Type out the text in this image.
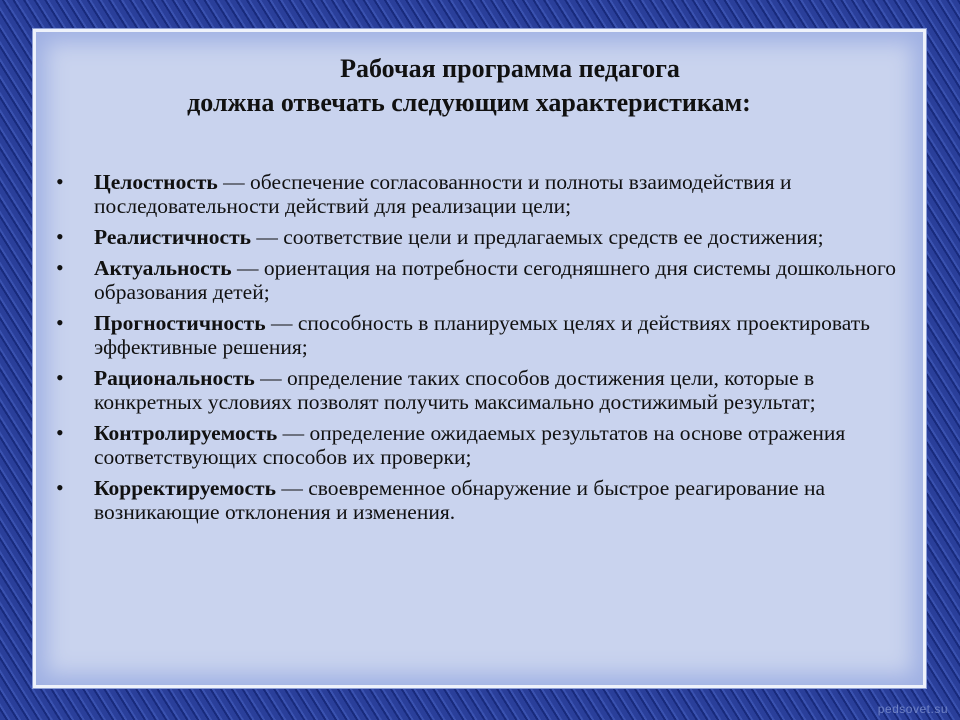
Рабочая программа педагога
должна отвечать следующим характеристикам:
• Целостность — обеспечение согласованности и полноты взаимодействия и последовательности действий для реализации цели;
• Реалистичность — соответствие цели и предлагаемых средств ее достижения;
• Актуальность — ориентация на потребности сегодняшнего дня системы дошкольного образования детей;
• Прогностичность — способность в планируемых целях и действиях проектировать эффективные решения;
• Рациональность — определение таких способов достижения цели, которые в конкретных условиях позволят получить максимально достижимый результат;
• Контролируемость — определение ожидаемых результатов на основе отражения соответствующих способов их проверки;
• Корректируемость — своевременное обнаружение и быстрое реагирование на возникающие отклонения и изменения.
pedsovet.su
